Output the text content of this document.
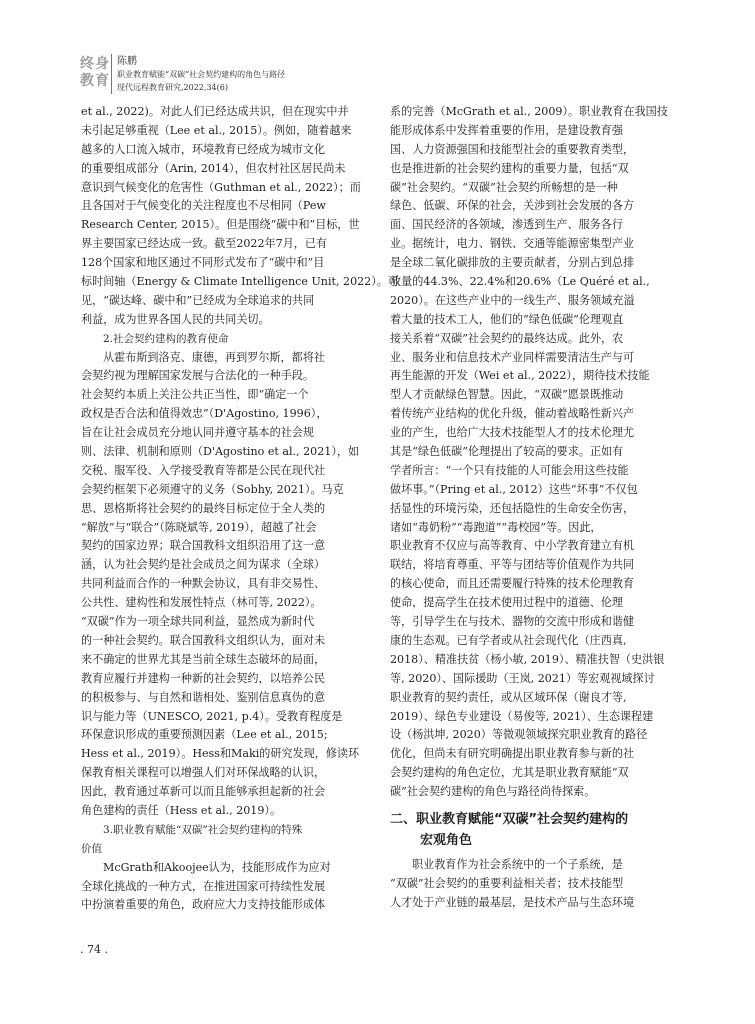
终身
教育
陈鹏
职业教育赋能“双碳”社会契约建构的角色与路径
现代远程教育研究,2022,34(6)
et al., 2022)。对此人们已经达成共识，但在现实中并
未引起足够重视（Lee et al., 2015）。例如，随着越来
越多的人口流入城市，环境教育已经成为城市文化
的重要组成部分（Arin, 2014），但农村社区居民尚未
意识到气候变化的危害性（Guthman et al., 2022）；而
且各国对于气候变化的关注程度也不尽相同（Pew
Research Center, 2015）。但是围绕“碳中和”目标，世
界主要国家已经达成一致。截至2022年7月，已有
128个国家和地区通过不同形式发布了“碳中和”目
标时间轴（Energy & Climate Intelligence Unit, 2022）。可
见，“碳达峰、碳中和”已经成为全球追求的共同
利益，成为世界各国人民的共同关切。
2.社会契约建构的教育使命
从霍布斯到洛克、康德，再到罗尔斯，都将社
会契约视为理解国家发展与合法化的一种手段。
社会契约本质上关注公共正当性，即“确定一个
政权是否合法和值得效忠”（D'Agostino, 1996），
旨在让社会成员充分地认同并遵守基本的社会规
则、法律、机制和原则（D'Agostino et al., 2021），如
交税、服军役、入学接受教育等都是公民在现代社
会契约框架下必须遵守的义务（Sobhy, 2021）。马克
思、恩格斯将社会契约的最终目标定位于全人类的
“解放”与“联合”（陈晓斌等, 2019），超越了社会
契约的国家边界；联合国教科文组织沿用了这一意
涵，认为社会契约是社会成员之间为谋求（全球）
共同利益而合作的一种默会协议，具有非交易性、
公共性、建构性和发展性特点（林可等, 2022）。
“双碳”作为一项全球共同利益，显然成为新时代
的一种社会契约。联合国教科文组织认为，面对未
来不确定的世界尤其是当前全球生态破坏的局面，
教育应履行并建构一种新的社会契约，以培养公民
的积极参与、与自然和谐相处、鉴别信息真伪的意
识与能力等（UNESCO, 2021, p.4）。受教育程度是
环保意识形成的重要预测因素（Lee et al., 2015;
Hess et al., 2019）。Hess和Maki的研究发现，修读环
保教育相关课程可以增强人们对环保战略的认识，
因此，教育通过革新可以而且能够承担起新的社会
角色建构的责任（Hess et al., 2019）。
3.职业教育赋能“双碳”社会契约建构的特殊
价值
McGrath和Akoojee认为，技能形成作为应对
全球化挑战的一种方式，在推进国家可持续性发展
中扮演着重要的角色，政府应大力支持技能形成体
系的完善（McGrath et al., 2009）。职业教育在我国技
能形成体系中发挥着重要的作用，是建设教育强
国、人力资源强国和技能型社会的重要教育类型，
也是推进新的社会契约建构的重要力量，包括“双
碳”社会契约。“双碳”社会契约所畅想的是一种
绿色、低碳、环保的社会，关涉到社会发展的各方
面、国民经济的各领域，渗透到生产、服务各行
业。据统计，电力、钢铁、交通等能源密集型产业
是全球二氧化碳排放的主要贡献者，分别占到总排
放量的44.3%、22.4%和20.6%（Le Quéré et al.,
2020）。在这些产业中的一线生产、服务领域充溢
着大量的技术工人，他们的“绿色低碳”伦理观直
接关系着“双碳”社会契约的最终达成。此外，农
业、服务业和信息技术产业同样需要清洁生产与可
再生能源的开发（Wei et al., 2022），期待技术技能
型人才贡献绿色智慧。因此，“双碳”愿景既推动
着传统产业结构的优化升级，催动着战略性新兴产
业的产生，也给广大技术技能型人才的技术伦理尤
其是“绿色低碳”伦理提出了较高的要求。正如有
学者所言：“一个只有技能的人可能会用这些技能
做坏事。”（Pring et al., 2012）这些“坏事”不仅包
括显性的环境污染，还包括隐性的生命安全伤害，
诸如“毒奶粉”“毒跑道”“毒校园”等。因此，
职业教育不仅应与高等教育、中小学教育建立有机
联结，将培育尊重、平等与团结等价值观作为共同
的核心使命，而且还需要履行特殊的技术伦理教育
使命，提高学生在技术使用过程中的道德、伦理
等，引导学生在与技术、器物的交流中形成和谐健
康的生态观。已有学者或从社会现代化（庄西真,
2018）、精准扶贫（杨小敏, 2019）、精准扶智（史洪银
等, 2020）、国际援助（王岚, 2021）等宏观视域探讨
职业教育的契约责任，或从区域环保（谢良才等,
2019）、绿色专业建设（易俊等, 2021）、生态课程建
设（杨洪坤, 2020）等微观领域探究职业教育的路径
优化，但尚未有研究明确提出职业教育参与新的社
会契约建构的角色定位，尤其是职业教育赋能“双
碳”社会契约建构的角色与路径尚待探索。
二、职业教育赋能“双碳”社会契约建构的
宏观角色
职业教育作为社会系统中的一个子系统，是
“双碳”社会契约的重要利益相关者；技术技能型
人才处于产业链的最基层，是技术产品与生态环境
. 74 .
